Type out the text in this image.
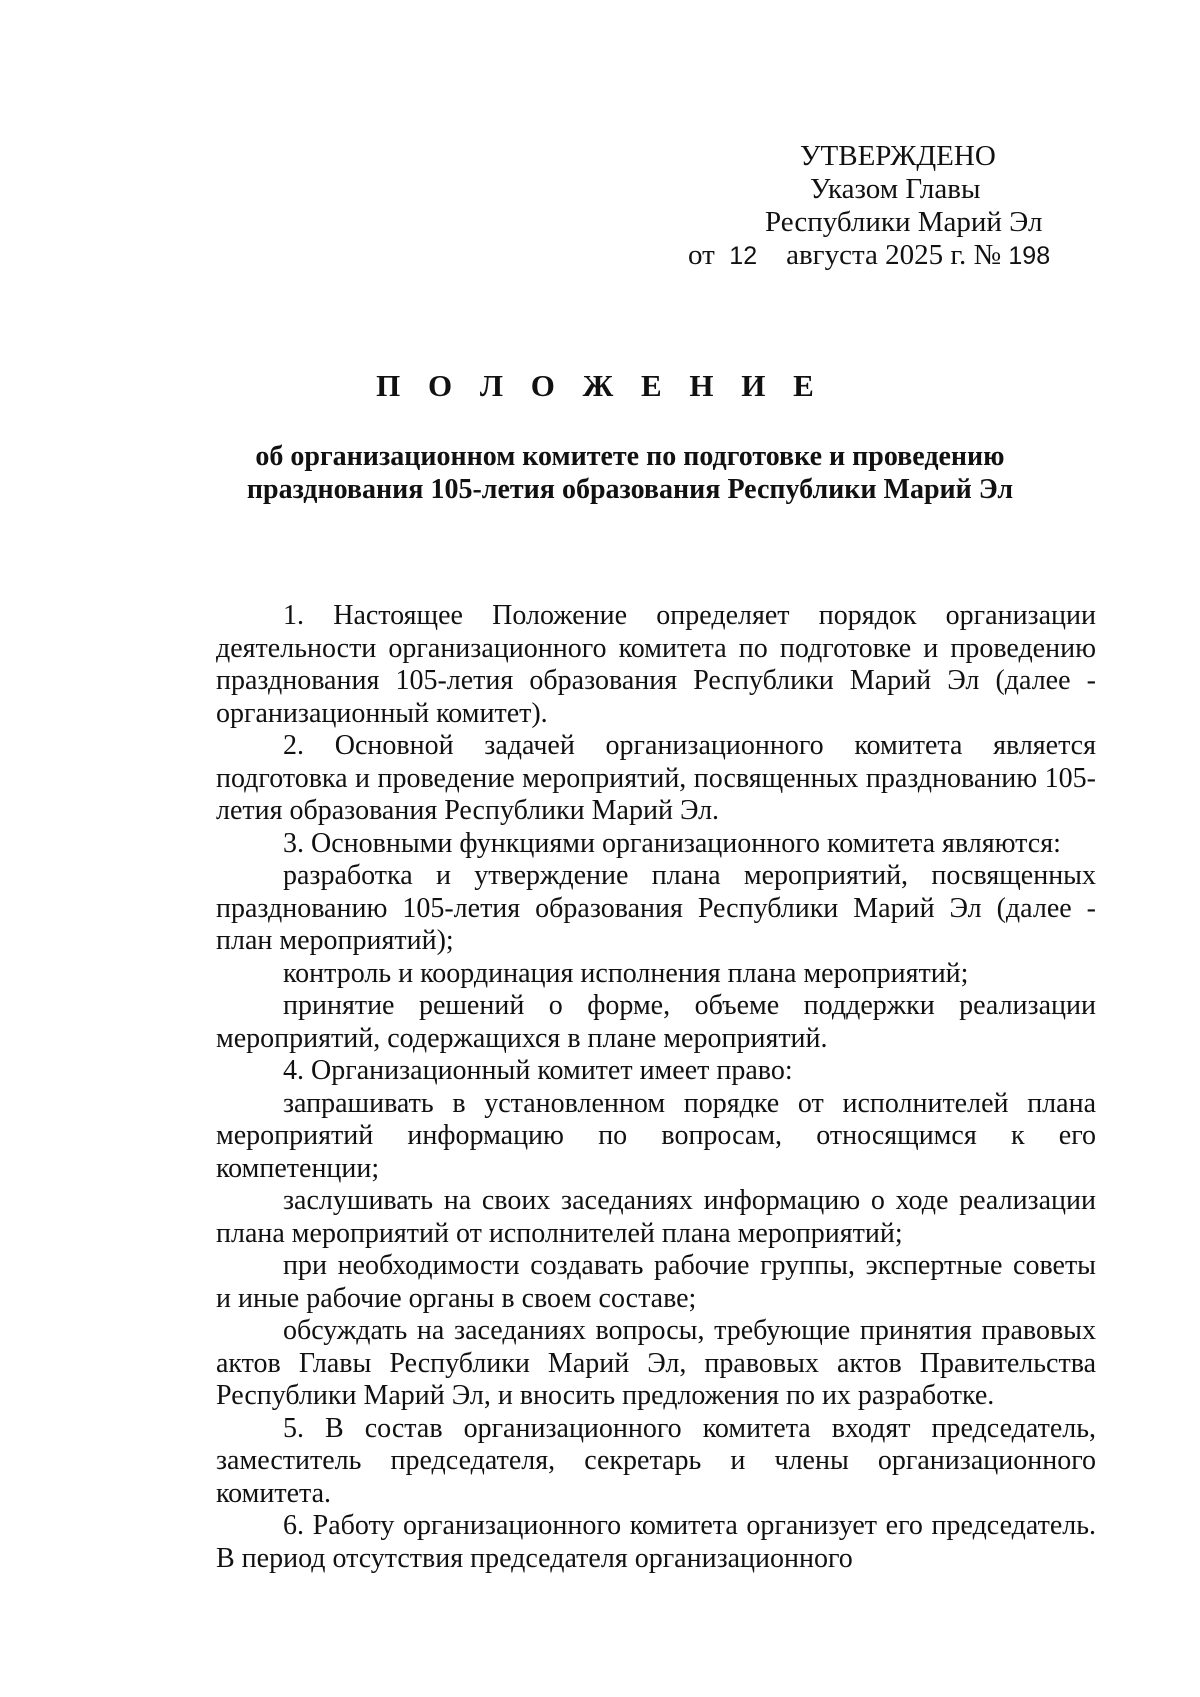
УТВЕРЖДЕНО
Указом Главы
Республики Марий Эл
от 12 августа 2025 г. № 198
П О Л О Ж Е Н И Е
об организационном комитете по подготовке и проведению
празднования 105-летия образования Республики Марий Эл

1. Настоящее Положение определяет порядок организации деятельности организационного комитета по подготовке и проведению празднования 105-летия образования Республики Марий Эл (далее - организационный комитет).

2. Основной задачей организационного комитета является подготовка и проведение мероприятий, посвященных празднованию 105-летия образования Республики Марий Эл.

3. Основными функциями организационного комитета являются:

разработка и утверждение плана мероприятий, посвященных празднованию 105-летия образования Республики Марий Эл (далее - план мероприятий);

контроль и координация исполнения плана мероприятий;

принятие решений о форме, объеме поддержки реализации мероприятий, содержащихся в плане мероприятий.

4. Организационный комитет имеет право:

запрашивать в установленном порядке от исполнителей плана мероприятий информацию по вопросам, относящимся к его компетенции;

заслушивать на своих заседаниях информацию о ходе реализации плана мероприятий от исполнителей плана мероприятий;

при необходимости создавать рабочие группы, экспертные советы и иные рабочие органы в своем составе;

обсуждать на заседаниях вопросы, требующие принятия правовых актов Главы Республики Марий Эл, правовых актов Правительства Республики Марий Эл, и вносить предложения по их разработке.

5. В состав организационного комитета входят председатель, заместитель председателя, секретарь и члены организационного комитета.

6. Работу организационного комитета организует его председатель. В период отсутствия председателя организационного
